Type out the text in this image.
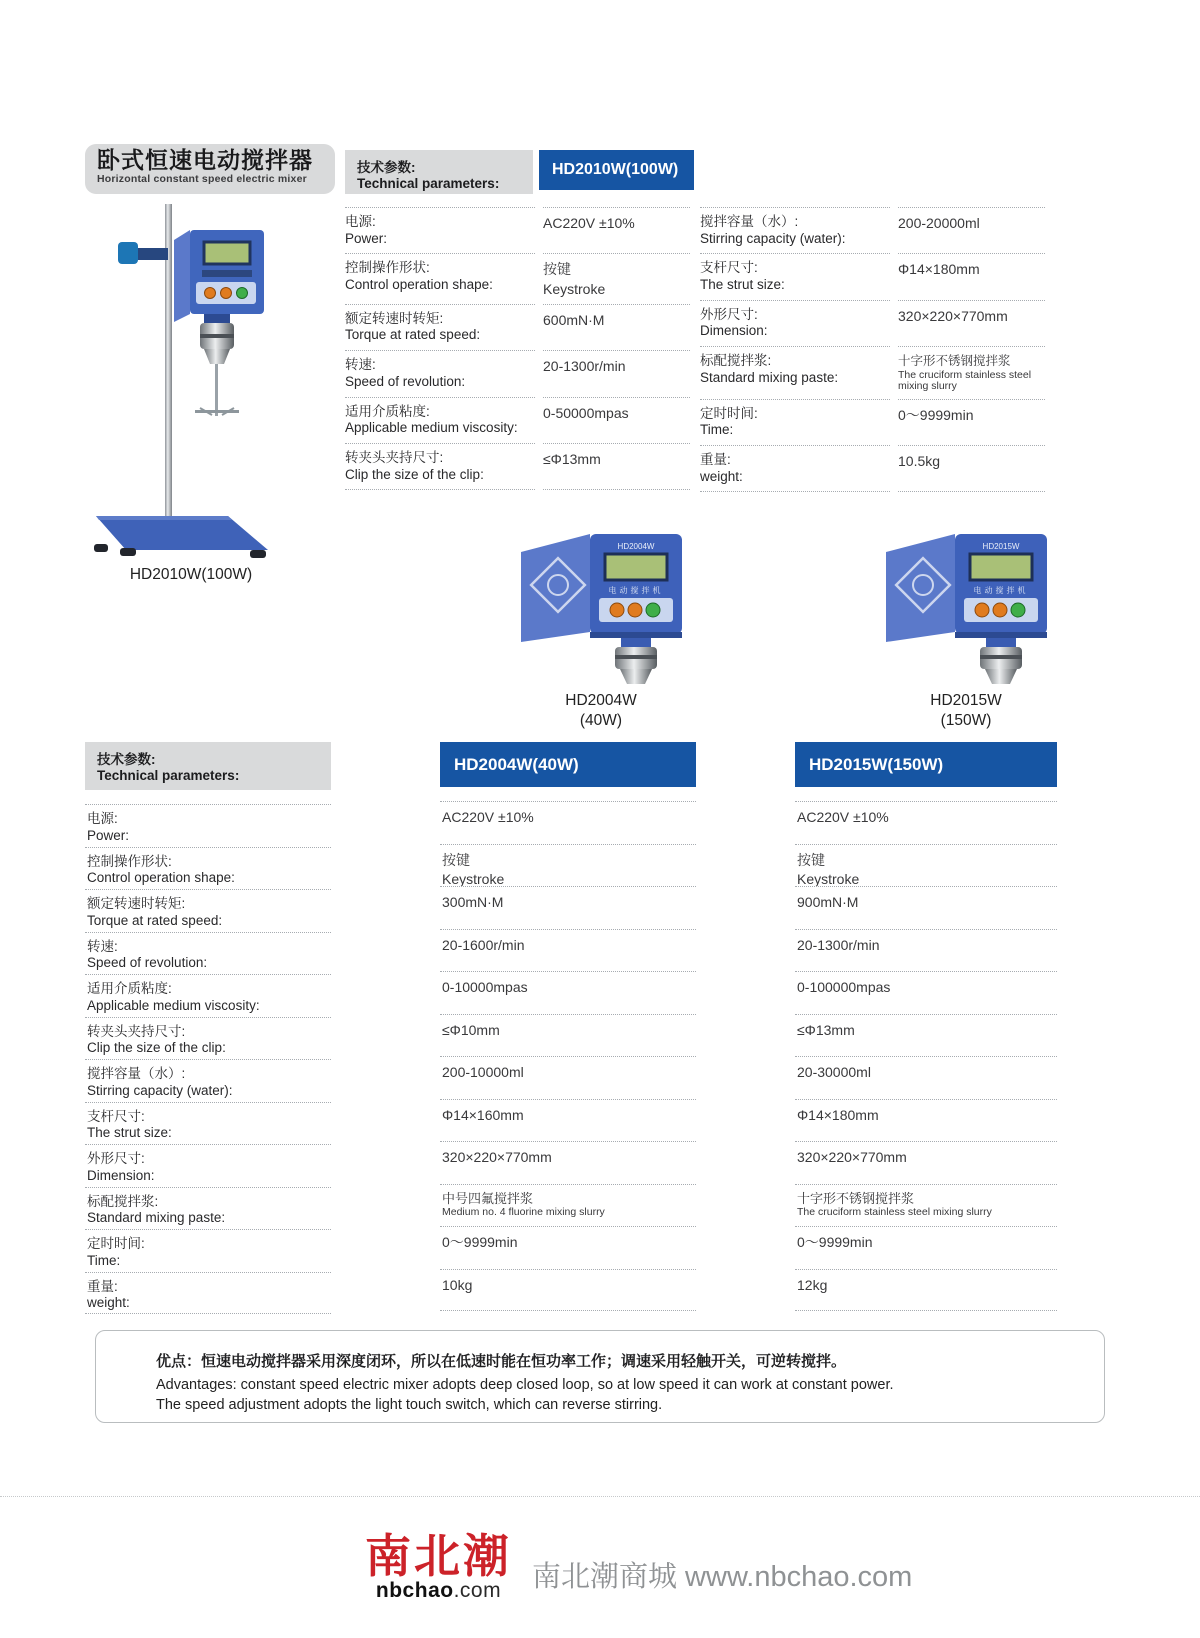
卧式恒速电动搅拌器
Horizontal constant speed electric mixer
HD2010W(100W)
技术参数:
Technical parameters:
HD2010W(100W)
电源:
Power:
AC220V ±10%
控制操作形状:
Control operation shape:
按键
Keystroke
额定转速时转矩:
Torque at rated speed:
600mN·M
转速:
Speed of revolution:
20-1300r/min
适用介质粘度:
Applicable medium viscosity:
0-50000mpas
转夹头夹持尺寸:
Clip the size of the clip:
≤Φ13mm
搅拌容量（水）:
Stirring capacity (water):
200-20000ml
支杆尺寸:
The strut size:
Φ14×180mm
外形尺寸:
Dimension:
320×220×770mm
标配搅拌浆:
Standard mixing paste:
十字形不锈钢搅拌浆
The cruciform stainless steel mixing slurry
定时时间:
Time:
0～9999min
重量:
weight:
10.5kg
HD2004W
电动搅拌机
HD2004W
(40W)
HD2015W
电动搅拌机
HD2015W
(150W)
技术参数:
Technical parameters:
电源:
Power:
控制操作形状:
Control operation shape:
额定转速时转矩:
Torque at rated speed:
转速:
Speed of revolution:
适用介质粘度:
Applicable medium viscosity:
转夹头夹持尺寸:
Clip the size of the clip:
搅拌容量（水）:
Stirring capacity (water):
支杆尺寸:
The strut size:
外形尺寸:
Dimension:
标配搅拌浆:
Standard mixing paste:
定时时间:
Time:
重量:
weight:
HD2004W(40W)
AC220V ±10%
按键
Keystroke
300mN·M
20-1600r/min
0-10000mpas
≤Φ10mm
200-10000ml
Φ14×160mm
320×220×770mm
中号四氟搅拌浆
Medium no. 4 fluorine mixing slurry
0～9999min
10kg
HD2015W(150W)
AC220V ±10%
按键
Keystroke
900mN·M
20-1300r/min
0-100000mpas
≤Φ13mm
20-30000ml
Φ14×180mm
320×220×770mm
十字形不锈钢搅拌浆
The cruciform stainless steel mixing slurry
0～9999min
12kg
优点：恒速电动搅拌器采用深度闭环，所以在低速时能在恒功率工作；调速采用轻触开关，可逆转搅拌。
Advantages: constant speed electric mixer adopts deep closed loop, so at low speed it can work at constant power.
The speed adjustment adopts the light touch switch, which can reverse stirring.
南北潮
nbchao.com 南北潮商城 www.nbchao.com
